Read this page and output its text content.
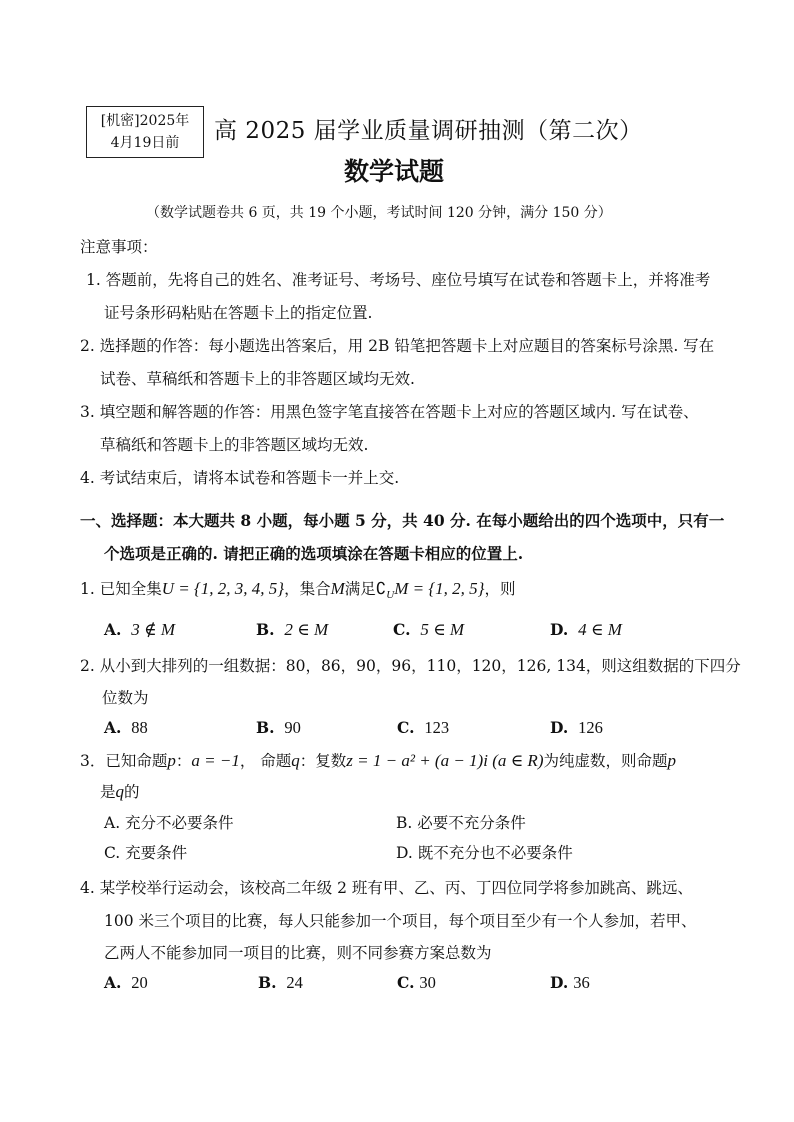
[机密]2025年
4月19日前	高 2025 届学业质量调研抽测（第二次）
数学试题
（数学试题卷共 6 页，共 19 个小题，考试时间 120 分钟，满分 150 分）
注意事项：
1. 答题前，先将自己的姓名、准考证号、考场号、座位号填写在试卷和答题卡上，并将准考
证号条形码粘贴在答题卡上的指定位置.
2. 选择题的作答：每小题选出答案后，用 2B 铅笔把答题卡上对应题目的答案标号涂黑. 写在
试卷、草稿纸和答题卡上的非答题区域均无效.
3. 填空题和解答题的作答：用黑色签字笔直接答在答题卡上对应的答题区域内. 写在试卷、
草稿纸和答题卡上的非答题区域均无效.
4. 考试结束后，请将本试卷和答题卡一并上交.
一、选择题：本大题共 8 小题，每小题 5 分，共 40 分. 在每小题给出的四个选项中，只有一
个选项是正确的. 请把正确的选项填涂在答题卡相应的位置上.
1. 已知全集U = {1, 2, 3, 4, 5}，集合M满足$∁_UM = \{1$, 2, 5}，则
A. 3 ∉ M	B. 2 ∈ M	C. 5 ∈ M	D. 4 ∈ M
2. 从小到大排列的一组数据：80，86，90，96，110，120，126, 134，则这组数据的下四分
位数为
A. 88	B. 90	C. 123	D. 126
3．已知命题p：a = −1， 命题q：复数z = 1 − a² + (a − 1)i (a ∈ R)为纯虚数，则命题p
是q的
A. 充分不必要条件	B. 必要不充分条件
C. 充要条件	D. 既不充分也不必要条件
4. 某学校举行运动会，该校高二年级 2 班有甲、乙、丙、丁四位同学将参加跳高、跳远、
100 米三个项目的比赛，每人只能参加一个项目，每个项目至少有一个人参加，若甲、
乙两人不能参加同一项目的比赛，则不同参赛方案总数为
A. 20	B. 24	C. 30	D. 36
